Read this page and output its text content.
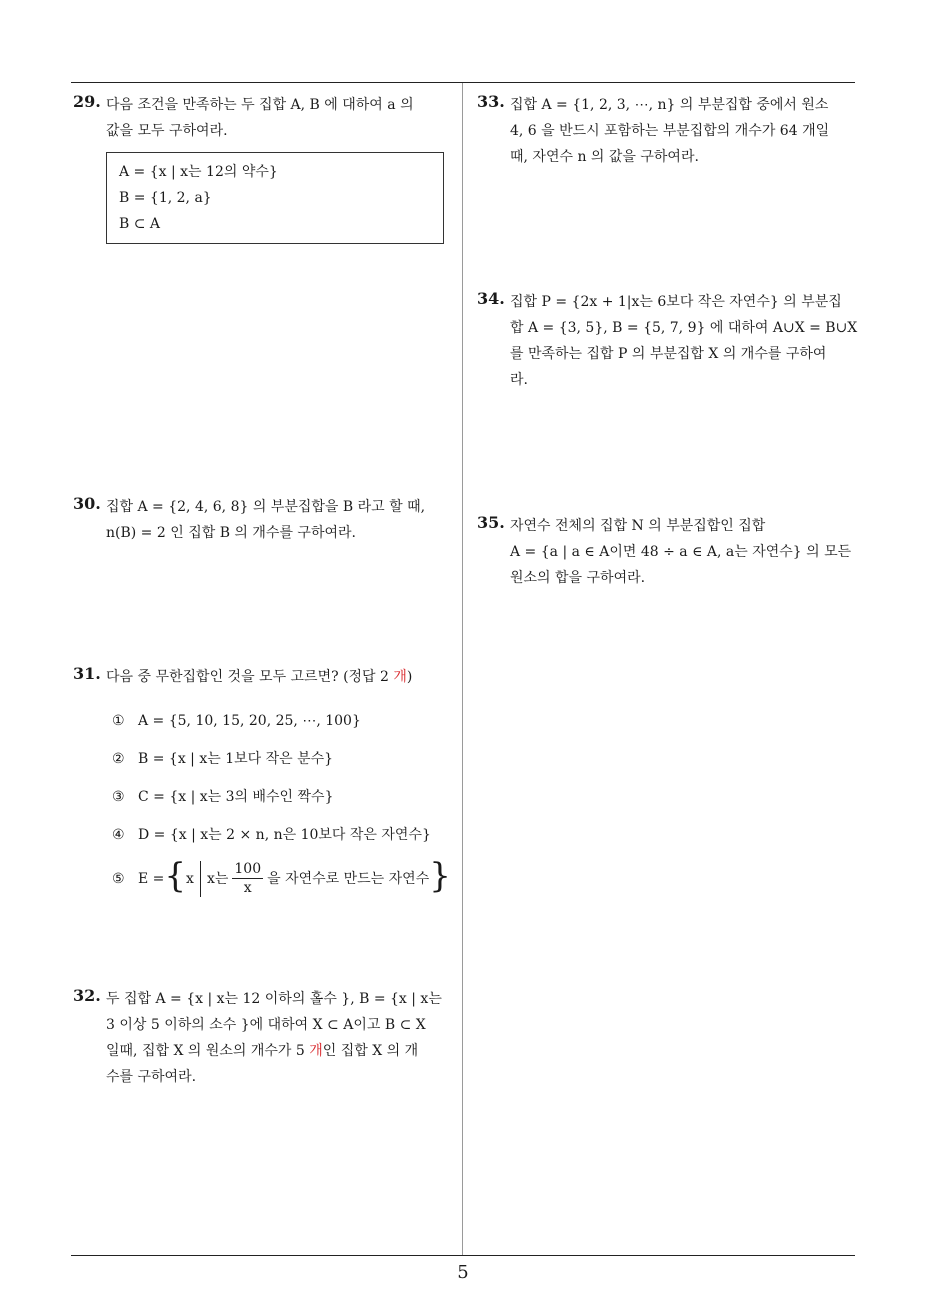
29. 다음 조건을 만족하는 두 집합 A, B 에 대하여 a 의
값을 모두 구하여라.
A = {x | x는 12의 약수}
B = {1, 2, a}
B ⊂ A
30. 집합 A = {2, 4, 6, 8} 의 부분집합을 B 라고 할 때,
n(B) = 2 인 집합 B 의 개수를 구하여라.
31. 다음 중 무한집합인 것을 모두 고르면? (정답 2 개)
① A = {5, 10, 15, 20, 25, ⋯, 100}
② B = {x | x는 1보다 작은 분수}
③ C = {x | x는 3의 배수인 짝수}
④ D = {x | x는 2 × n, n은 10보다 작은 자연수}
⑤ E = { x x는 $\frac{100}{x}$ 을 자연수로 만드는 자연수 }
32. 두 집합 A = {x | x는 12 이하의 홀수 }, B = {x | x는
3 이상 5 이하의 소수 }에 대하여 X ⊂ A이고 B ⊂ X
일때, 집합 X 의 원소의 개수가 5 개인 집합 X 의 개
수를 구하여라.
33. 집합 A = {1, 2, 3, ⋯, n} 의 부분집합 중에서 원소
4, 6 을 반드시 포함하는 부분집합의 개수가 64 개일
때, 자연수 n 의 값을 구하여라.
34. 집합 P = {2x + 1|x는 6보다 작은 자연수} 의 부분집
합 A = {3, 5}, B = {5, 7, 9} 에 대하여 A∪X = B∪X
를 만족하는 집합 P 의 부분집합 X 의 개수를 구하여
라.
35. 자연수 전체의 집합 N 의 부분집합인 집합
A = {a | a ∈ A이면 48 ÷ a ∈ A, a는 자연수} 의 모든
원소의 합을 구하여라.
5
